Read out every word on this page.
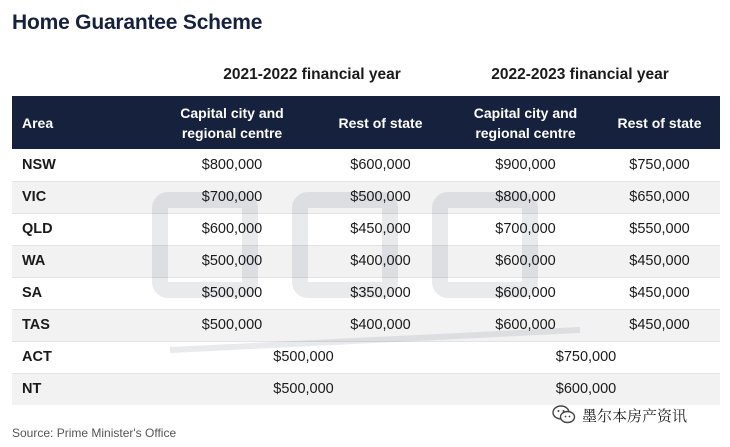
Home Guarantee Scheme
2021-2022 financial year	2022-2023 financial year
Area	Capital city and regional centre	Rest of state	Capital city and regional centre	Rest of state
NSW	$800,000	$600,000	$900,000	$750,000
VIC	$700,000	$500,000	$800,000	$650,000
QLD	$600,000	$450,000	$700,000	$550,000
WA	$500,000	$400,000	$600,000	$450,000
SA	$500,000	$350,000	$600,000	$450,000
TAS	$500,000	$400,000	$600,000	$450,000
ACT	$500,000		$750,000	
NT	$500,000		$600,000	
Source: Prime Minister's Office
墨尔本房产资讯
